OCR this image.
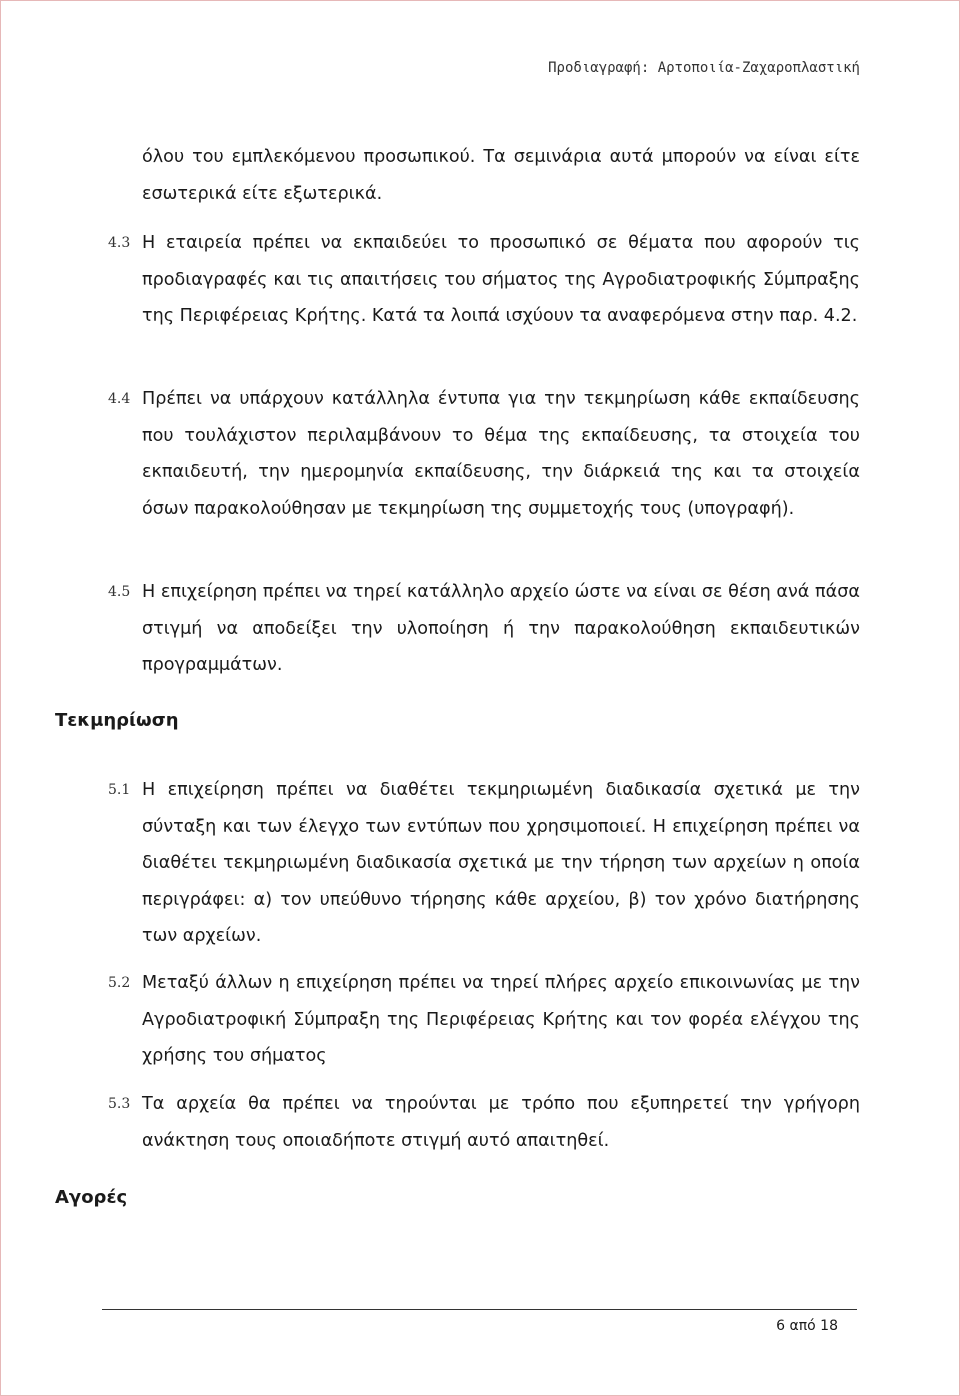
Προδιαγραφή: Αρτοποιία-Ζαχαροπλαστική
όλου του εμπλεκόμενου προσωπικού. Τα σεμινάρια αυτά μπορούν να είναι είτε εσωτερικά είτε εξωτερικά.
4.3 Η εταιρεία πρέπει να εκπαιδεύει το προσωπικό σε θέματα που αφορούν τις προδιαγραφές και τις απαιτήσεις του σήματος της Αγροδιατροφικής Σύμπραξης της Περιφέρειας Κρήτης. Κατά τα λοιπά ισχύουν τα αναφερόμενα στην παρ. 4.2.
4.4 Πρέπει να υπάρχουν κατάλληλα έντυπα για την τεκμηρίωση κάθε εκπαίδευσης που τουλάχιστον περιλαμβάνουν το θέμα της εκπαίδευσης, τα στοιχεία του εκπαιδευτή, την ημερομηνία εκπαίδευσης, την διάρκειά της και τα στοιχεία όσων παρακολούθησαν με τεκμηρίωση της συμμετοχής τους (υπογραφή).
4.5 Η επιχείρηση πρέπει να τηρεί κατάλληλο αρχείο ώστε να είναι σε θέση ανά πάσα στιγμή να αποδείξει την υλοποίηση ή την παρακολούθηση εκπαιδευτικών προγραμμάτων.
Τεκμηρίωση
5.1 Η επιχείρηση πρέπει να διαθέτει τεκμηριωμένη διαδικασία σχετικά με την σύνταξη και των έλεγχο των εντύπων που χρησιμοποιεί. Η επιχείρηση πρέπει να διαθέτει τεκμηριωμένη διαδικασία σχετικά με την τήρηση των αρχείων η οποία περιγράφει: α) τον υπεύθυνο τήρησης κάθε αρχείου, β) τον χρόνο διατήρησης των αρχείων.
5.2 Μεταξύ άλλων η επιχείρηση πρέπει να τηρεί πλήρες αρχείο επικοινωνίας με την Αγροδιατροφική Σύμπραξη της Περιφέρειας Κρήτης και τον φορέα ελέγχου της χρήσης του σήματος
5.3 Τα αρχεία θα πρέπει να τηρούνται με τρόπο που εξυπηρετεί την γρήγορη ανάκτηση τους οποιαδήποτε στιγμή αυτό απαιτηθεί.
Αγορές
6 από 18
